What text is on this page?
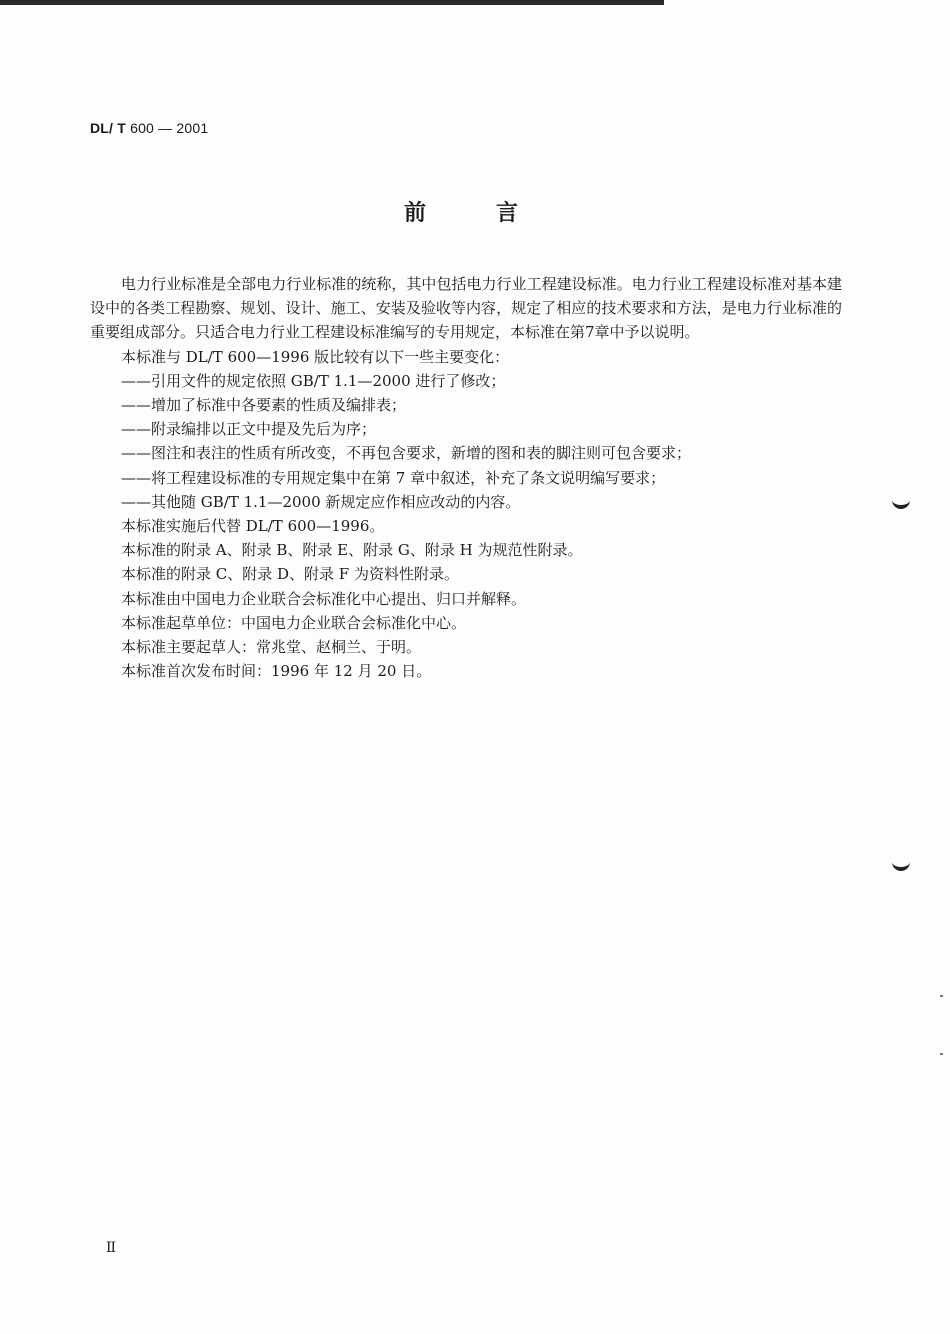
DL/ T 600 — 2001
前言

电力行业标准是全部电力行业标准的统称，其中包括电力行业工程建设标准。电力行业工程建设标准对基本建设中的各类工程勘察、规划、设计、施工、安装及验收等内容，规定了相应的技术要求和方法，是电力行业标准的重要组成部分。只适合电力行业工程建设标准编写的专用规定，本标准在第7章中予以说明。

本标准与 DL/T 600—1996 版比较有以下一些主要变化：

——引用文件的规定依照 GB/T 1.1—2000 进行了修改；

——增加了标准中各要素的性质及编排表；

——附录编排以正文中提及先后为序；

——图注和表注的性质有所改变，不再包含要求，新增的图和表的脚注则可包含要求；

——将工程建设标准的专用规定集中在第 7 章中叙述，补充了条文说明编写要求；

——其他随 GB/T 1.1—2000 新规定应作相应改动的内容。

本标准实施后代替 DL/T 600—1996。

本标准的附录 A、附录 B、附录 E、附录 G、附录 H 为规范性附录。

本标准的附录 C、附录 D、附录 F 为资料性附录。

本标准由中国电力企业联合会标准化中心提出、归口并解释。

本标准起草单位：中国电力企业联合会标准化中心。

本标准主要起草人：常兆堂、赵桐兰、于明。

本标准首次发布时间：1996 年 12 月 20 日。

II
